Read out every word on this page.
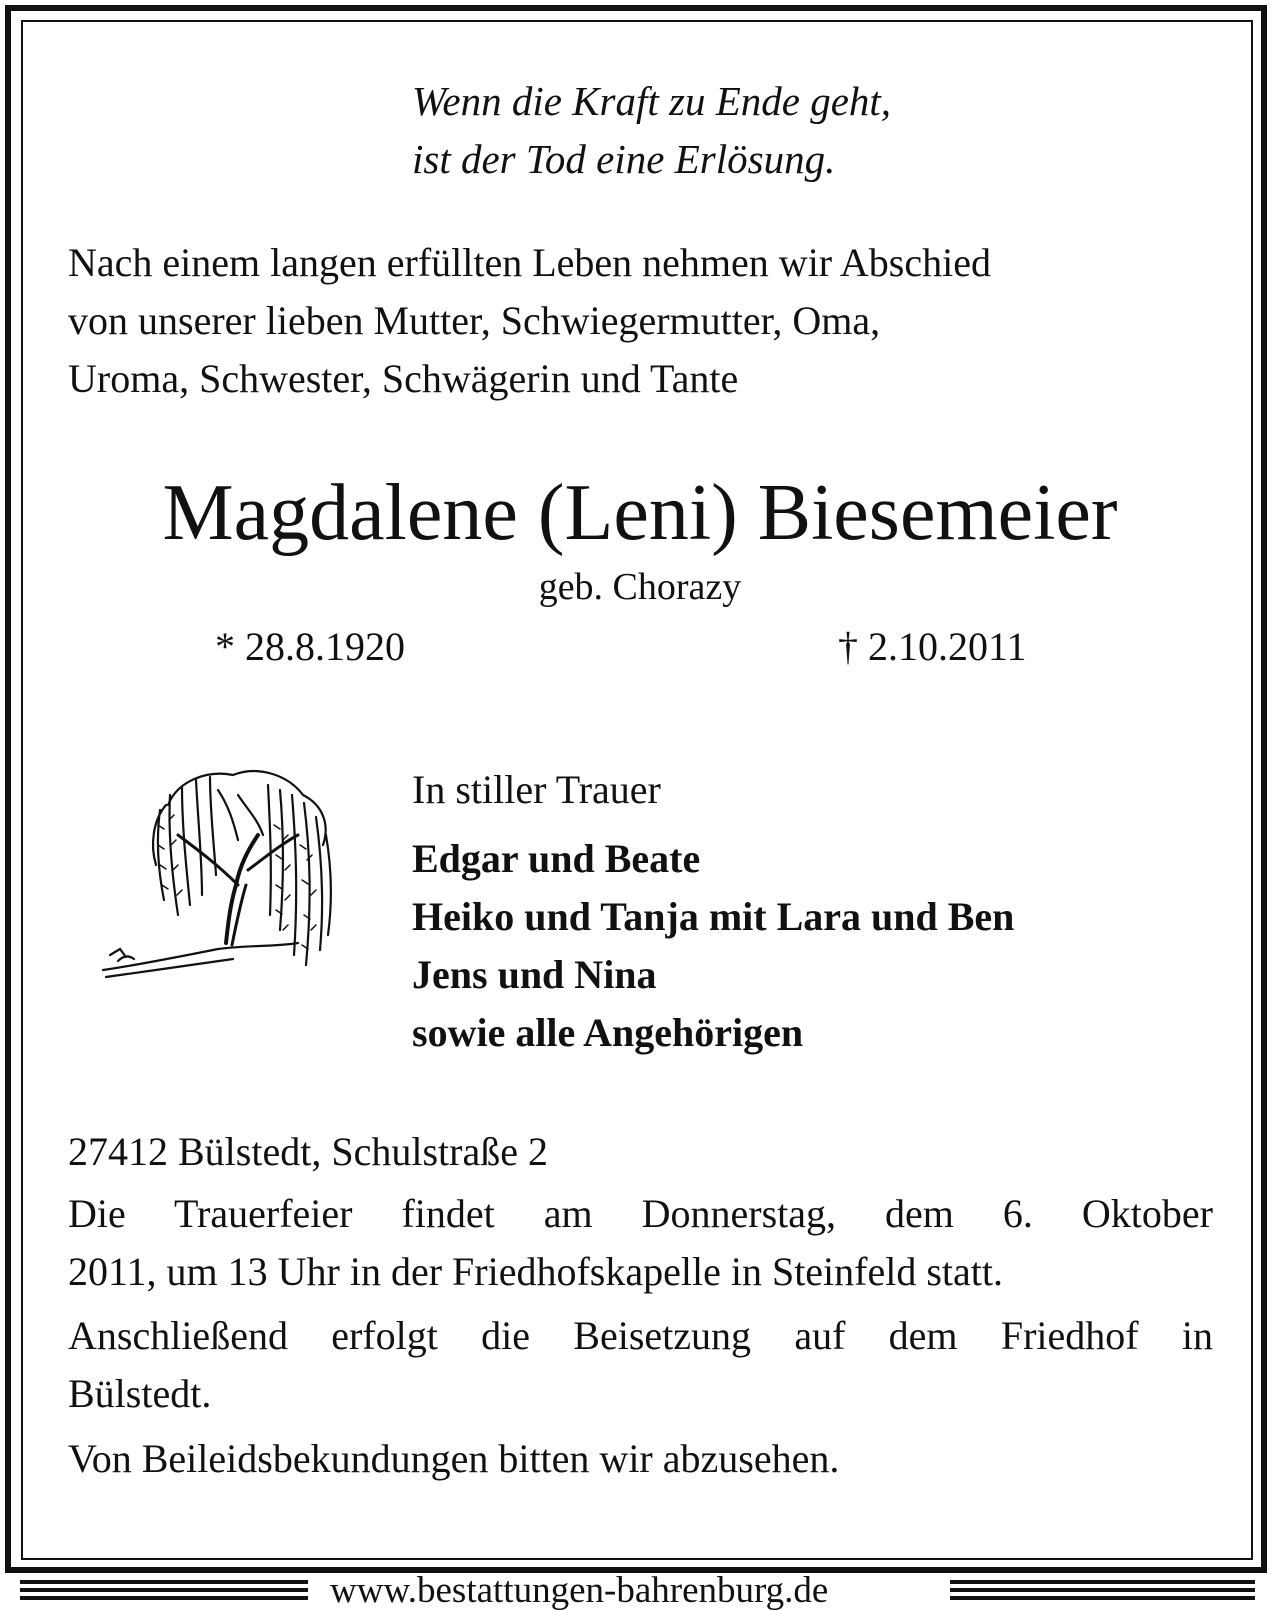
Wenn die Kraft zu Ende geht,
ist der Tod eine Erlösung.
Nach einem langen erfüllten Leben nehmen wir Abschied
von unserer lieben Mutter, Schwiegermutter, Oma,
Uroma, Schwester, Schwägerin und Tante
Magdalene (Leni) Biesemeier
geb. Chorazy
* 28.8.1920	† 2.10.2011
In stiller Trauer
Edgar und Beate
Heiko und Tanja mit Lara und Ben
Jens und Nina
sowie alle Angehörigen
27412 Bülstedt, Schulstraße 2
Die Trauerfeier findet am Donnerstag, dem 6. Oktober
2011, um 13 Uhr in der Friedhofskapelle in Steinfeld statt.
Anschließend erfolgt die Beisetzung auf dem Friedhof in
Bülstedt.
Von Beileidsbekundungen bitten wir abzusehen.
www.bestattungen-bahrenburg.de
